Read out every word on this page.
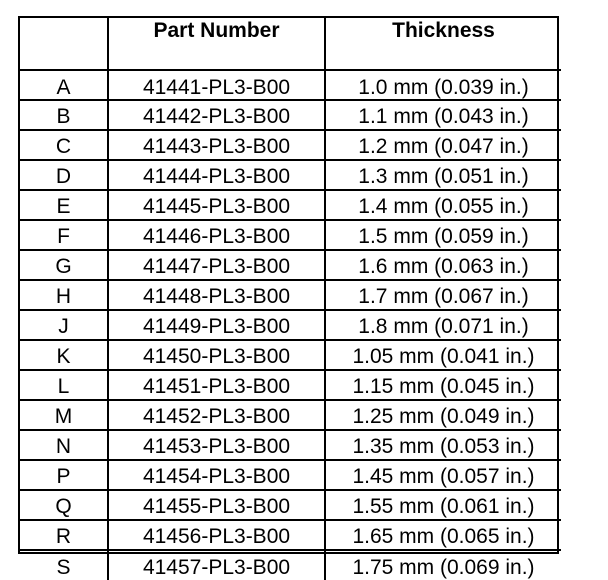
	Part Number	Thickness
A	41441-PL3-B00	1.0 mm (0.039 in.)
B	41442-PL3-B00	1.1 mm (0.043 in.)
C	41443-PL3-B00	1.2 mm (0.047 in.)
D	41444-PL3-B00	1.3 mm (0.051 in.)
E	41445-PL3-B00	1.4 mm (0.055 in.)
F	41446-PL3-B00	1.5 mm (0.059 in.)
G	41447-PL3-B00	1.6 mm (0.063 in.)
H	41448-PL3-B00	1.7 mm (0.067 in.)
J	41449-PL3-B00	1.8 mm (0.071 in.)
K	41450-PL3-B00	1.05 mm (0.041 in.)
L	41451-PL3-B00	1.15 mm (0.045 in.)
M	41452-PL3-B00	1.25 mm (0.049 in.)
N	41453-PL3-B00	1.35 mm (0.053 in.)
P	41454-PL3-B00	1.45 mm (0.057 in.)
Q	41455-PL3-B00	1.55 mm (0.061 in.)
R	41456-PL3-B00	1.65 mm (0.065 in.)
S	41457-PL3-B00	1.75 mm (0.069 in.)
